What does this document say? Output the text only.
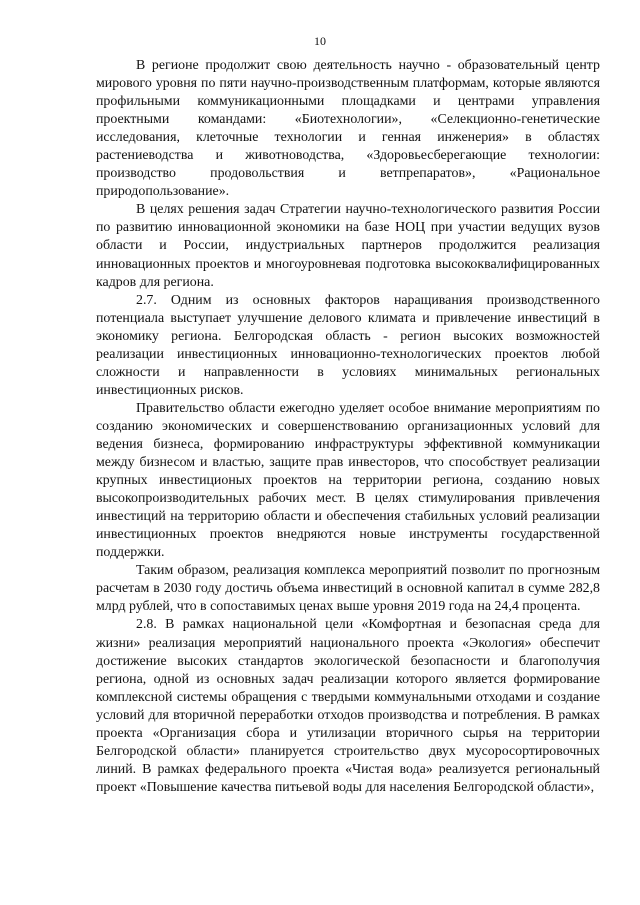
10

В регионе продолжит свою деятельность научно - образовательный центр мирового уровня по пяти научно-производственным платформам, которые являются профильными коммуникационными площадками и центрами управления проектными командами: «Биотехнологии», «Селекционно-генетические исследования, клеточные технологии и генная инженерия» в областях растениеводства и животноводства, «Здоровьесберегающие технологии: производство продовольствия и ветпрепаратов», «Рациональное природопользование».

В целях решения задач Стратегии научно-технологического развития России по развитию инновационной экономики на базе НОЦ при участии ведущих вузов области и России, индустриальных партнеров продолжится реализация инновационных проектов и многоуровневая подготовка высококвалифицированных кадров для региона.

2.7. Одним из основных факторов наращивания производственного потенциала выступает улучшение делового климата и привлечение инвестиций в экономику региона. Белгородская область - регион высоких возможностей реализации инвестиционных инновационно-технологических проектов любой сложности и направленности в условиях минимальных региональных инвестиционных рисков.

Правительство области ежегодно уделяет особое внимание мероприятиям по созданию экономических и совершенствованию организационных условий для ведения бизнеса, формированию инфраструктуры эффективной коммуникации между бизнесом и властью, защите прав инвесторов, что способствует реализации крупных инвестиционых проектов на территории региона, созданию новых высокопроизводительных рабочих мест. В целях стимулирования привлечения инвестиций на территорию области и обеспечения стабильных условий реализации инвестиционных проектов внедряются новые инструменты государственной поддержки.

Таким образом, реализация комплекса мероприятий позволит по прогнозным расчетам в 2030 году достичь объема инвестиций в основной капитал в сумме 282,8 млрд рублей, что в сопоставимых ценах выше уровня 2019 года на 24,4 процента.

2.8. В рамках национальной цели «Комфортная и безопасная среда для жизни» реализация мероприятий национального проекта «Экология» обеспечит достижение высоких стандартов экологической безопасности и благополучия региона, одной из основных задач реализации которого является формирование комплексной системы обращения с твердыми коммунальными отходами и создание условий для вторичной переработки отходов производства и потребления. В рамках проекта «Организация сбора и утилизации вторичного сырья на территории Белгородской области» планируется строительство двух мусоросортировочных линий. В рамках федерального проекта «Чистая вода» реализуется региональный проект «Повышение качества питьевой воды для населения Белгородской области»,
